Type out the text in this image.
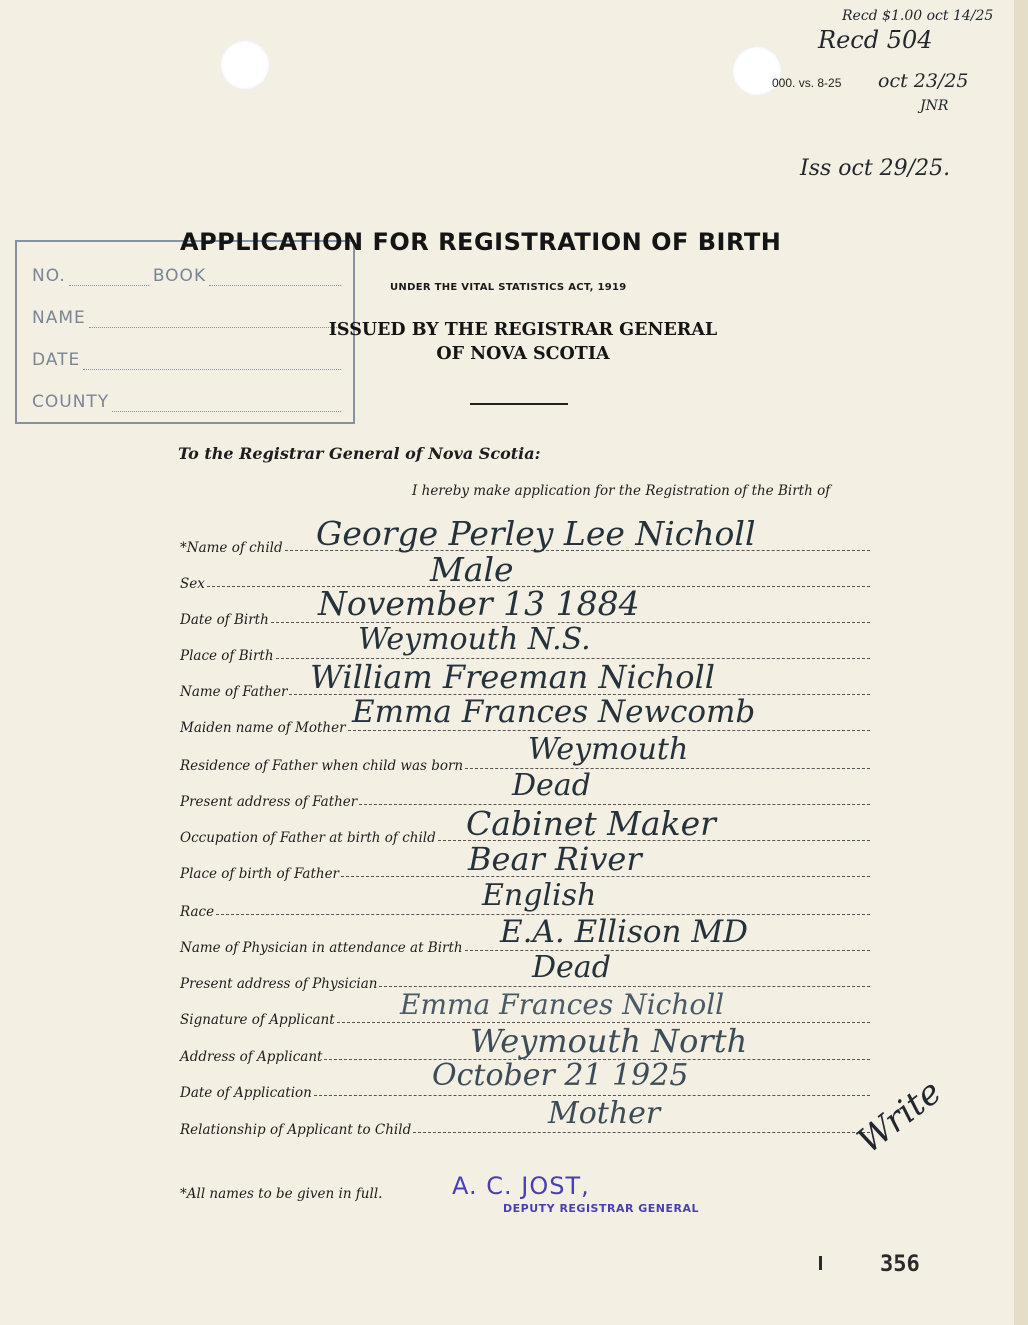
Recd $1.00 oct 14/25
Recd 504
000. vs. 8-25 oct 23/25
JNR
Iss oct 29/25.
NO.	BOOK
NAME
DATE
COUNTY
APPLICATION FOR REGISTRATION OF BIRTH
UNDER THE VITAL STATISTICS ACT, 1919
ISSUED BY THE REGISTRAR GENERAL
OF NOVA SCOTIA
To the Registrar General of Nova Scotia:
I hereby make application for the Registration of the Birth of
*Name of child George Perley Lee Nicholl
Sex	Male
Date of Birth November 13 1884
Place of Birth	Weymouth N.S.
Name of Father William Freeman Nicholl
Maiden name of Mother Emma Frances Newcomb
Residence of Father when child was born Weymouth
Present address of Father	Dead
Occupation of Father at birth of child Cabinet Maker
Place of birth of Father	Bear River
Race	English
Name of Physician in attendance at Birth E.A. Ellison MD
Present address of Physician	Dead
Signature of Applicant Emma Frances Nicholl
Address of Applicant	Weymouth North
Date of Application	October 21 1925
Relationship of Applicant to Child	Mother	Write
*All names to be given in full.	A. C. JOST,
DEPUTY REGISTRAR GENERAL
356
